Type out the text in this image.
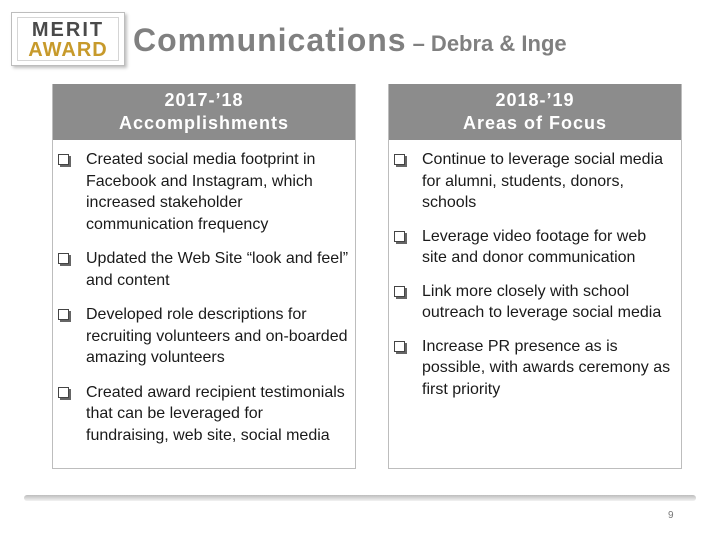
MERIT
AWARD Communications – Debra & Inge
2017-’18
Accomplishments
Created social media footprint in Facebook and Instagram, which increased stakeholder communication frequency
Updated the Web Site “look and feel” and content
Developed role descriptions for recruiting volunteers and on-boarded amazing volunteers
Created award recipient testimonials that can be leveraged for fundraising, web site, social media
2018-’19
Areas of Focus
Continue to leverage social media for alumni, students, donors, schools
Leverage video footage for web site and donor communication
Link more closely with school outreach to leverage social media
Increase PR presence as is possible, with awards ceremony as first priority
9
